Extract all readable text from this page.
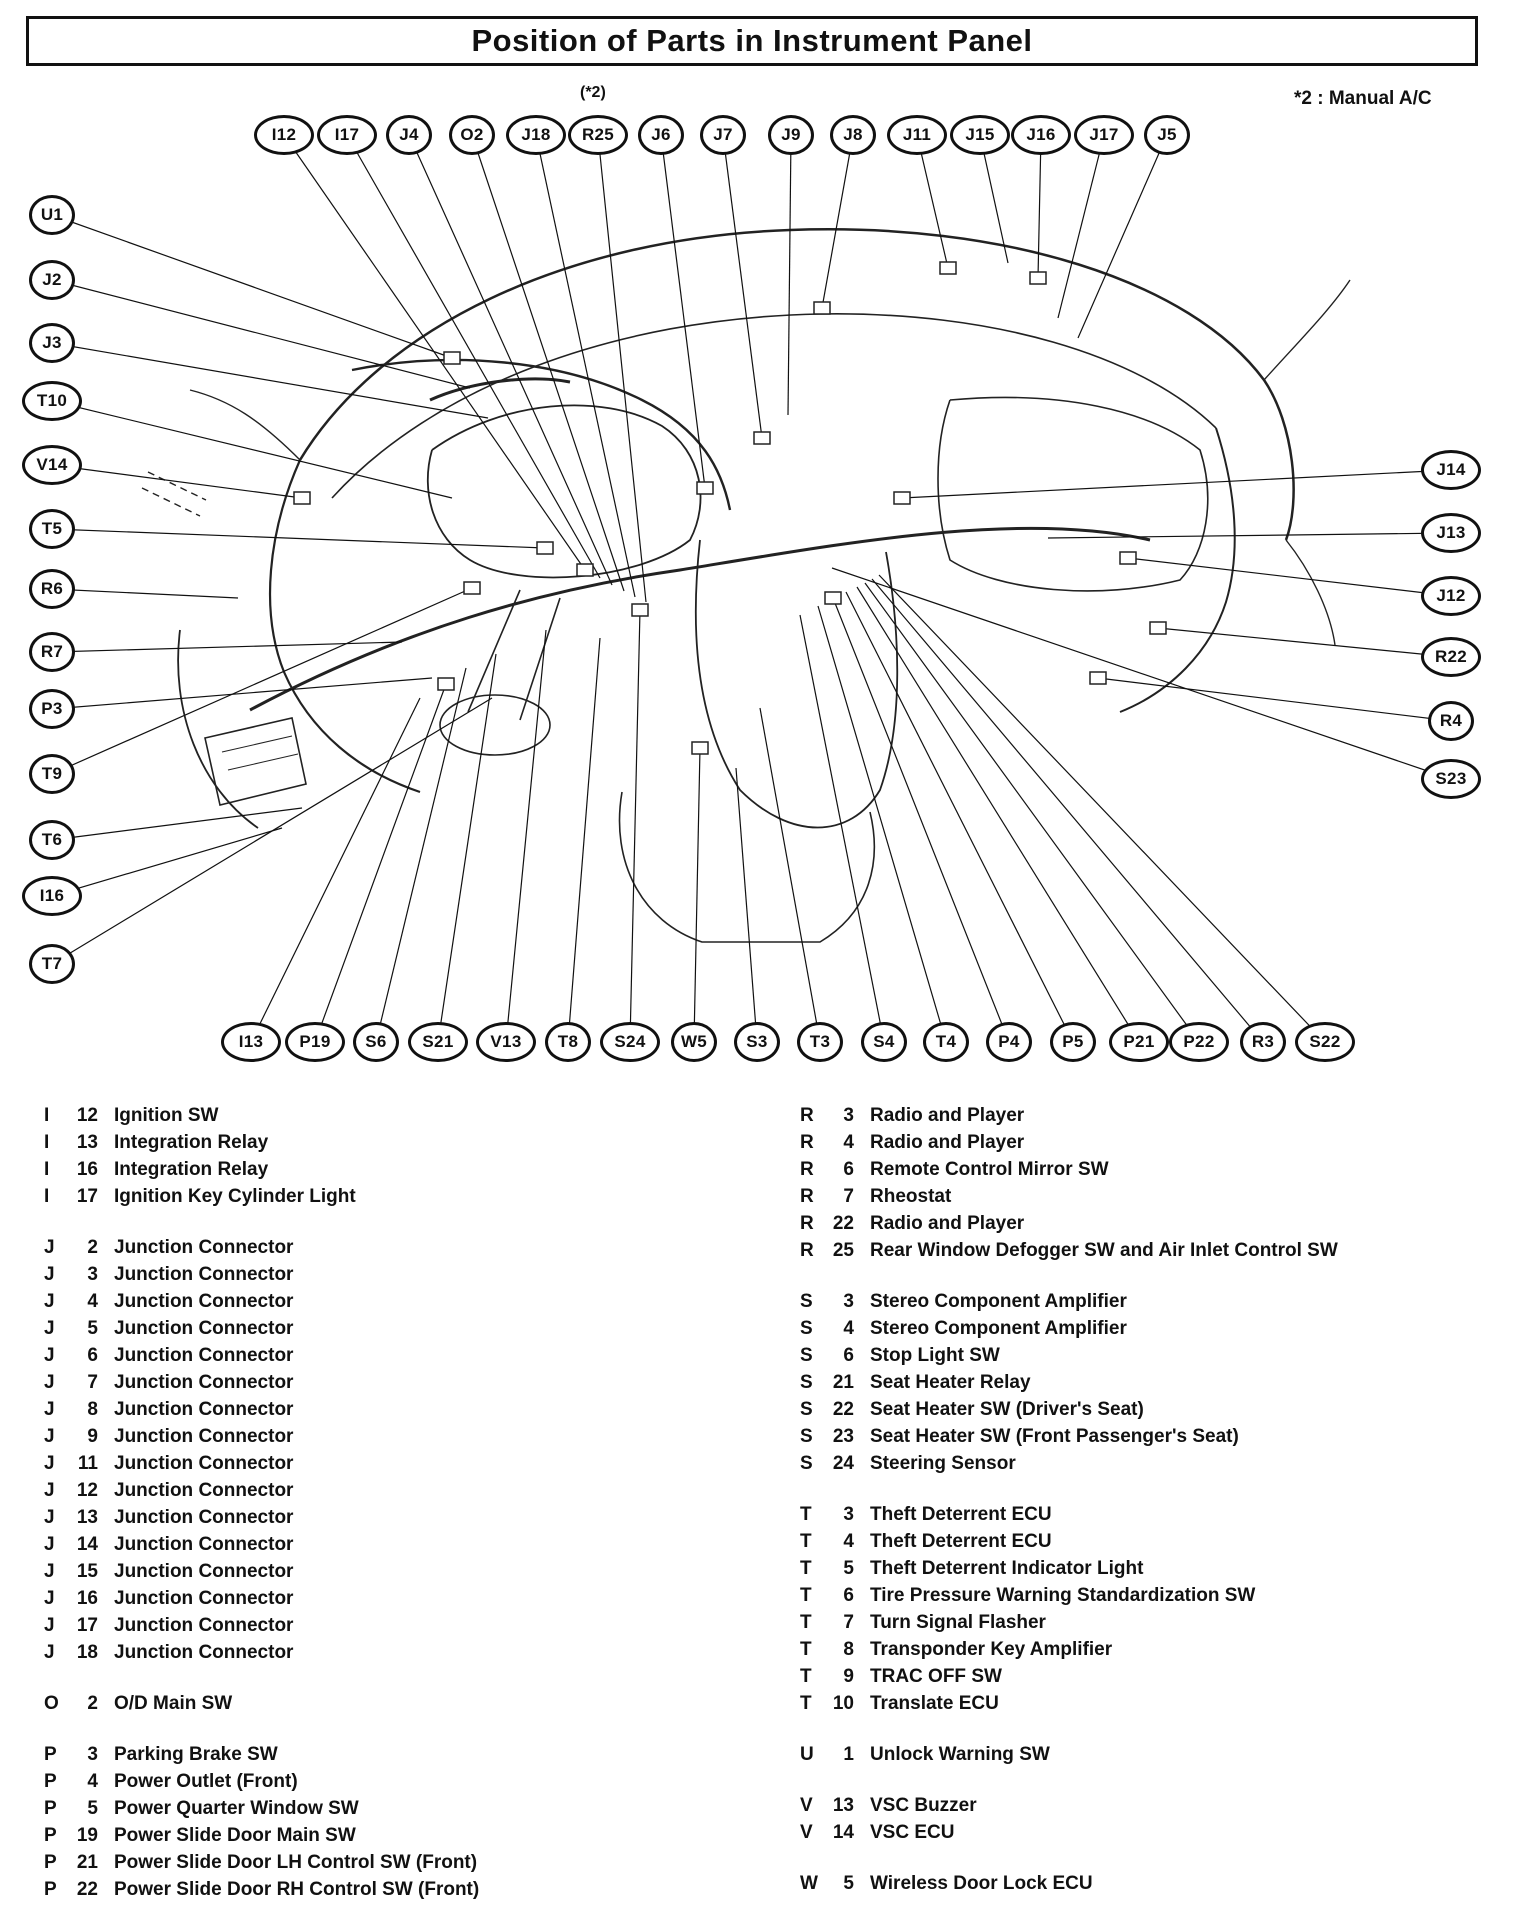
Position of Parts in Instrument Panel
I12	I17	J4	O2	J18	R25	J6	J7	J9	J8	J11	J15	J16	J17	J5
U1
J2
J3
T10
V14
T5
R6
R7
P3
T9
T6
I16
T7
J14
J13
J12
R22
R4
S23
I13	P19	S6	S21	V13	T8	S24	W5	S3	T3	S4	T4	P4	P5	P21	P22	R3	S22
(*2)	*2 : Manual A/C
I	12 Ignition SW
I	13 Integration Relay
I	16 Integration Relay
I	17 Ignition Key Cylinder Light
J	2 Junction Connector
J	3 Junction Connector
J	4 Junction Connector
J	5 Junction Connector
J	6 Junction Connector
J	7 Junction Connector
J	8 Junction Connector
J	9 Junction Connector
J	11 Junction Connector
J	12 Junction Connector
J	13 Junction Connector
J	14 Junction Connector
J	15 Junction Connector
J	16 Junction Connector
J	17 Junction Connector
J	18 Junction Connector
O	2 O/D Main SW
P	3 Parking Brake SW
P	4 Power Outlet (Front)
P	5 Power Quarter Window SW
P	19 Power Slide Door Main SW
P	21 Power Slide Door LH Control SW (Front)
P	22 Power Slide Door RH Control SW (Front)
R	3 Radio and Player
R	4 Radio and Player
R	6 Remote Control Mirror SW
R	7 Rheostat
R	22 Radio and Player
R	25 Rear Window Defogger SW and Air Inlet Control SW
S	3 Stereo Component Amplifier
S	4 Stereo Component Amplifier
S	6 Stop Light SW
S	21 Seat Heater Relay
S	22 Seat Heater SW (Driver's Seat)
S	23 Seat Heater SW (Front Passenger's Seat)
S	24 Steering Sensor
T	3 Theft Deterrent ECU
T	4 Theft Deterrent ECU
T	5 Theft Deterrent Indicator Light
T	6 Tire Pressure Warning Standardization SW
T	7 Turn Signal Flasher
T	8 Transponder Key Amplifier
T	9 TRAC OFF SW
T	10 Translate ECU
U	1 Unlock Warning SW
V	13 VSC Buzzer
V	14 VSC ECU
W	5 Wireless Door Lock ECU
